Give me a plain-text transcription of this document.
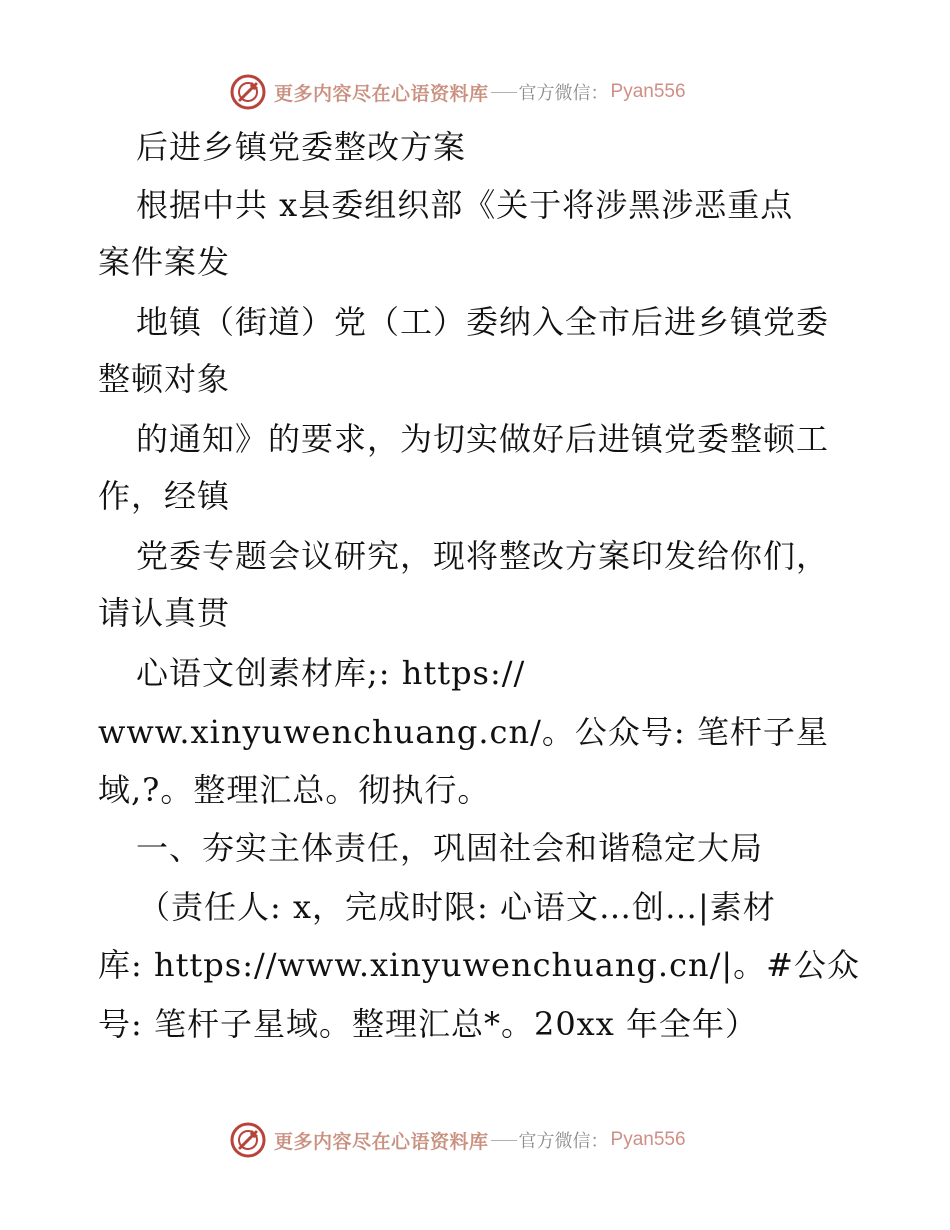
更多内容尽在心语资料库 官方微信： Pyan556
后进乡镇党委整改方案
根据中共 x县委组织部《关于将涉黑涉恶重点
案件案发
地镇（街道）党（工）委纳入全市后进乡镇党委
整顿对象
的通知》的要求，为切实做好后进镇党委整顿工
作，经镇
党委专题会议研究，现将整改方案印发给你们，
请认真贯
心语文创素材库;: https://
www.xinyuwenchuang.cn/。公众号: 笔杆子星
域,?。整理汇总。彻执行。
一、夯实主体责任，巩固社会和谐稳定大局
（责任人: x，完成时限: 心语文…创…|素材
库: https://www.xinyuwenchuang.cn/|。#公众
号: 笔杆子星域。整理汇总*。20xx 年全年）
更多内容尽在心语资料库 官方微信： Pyan556
